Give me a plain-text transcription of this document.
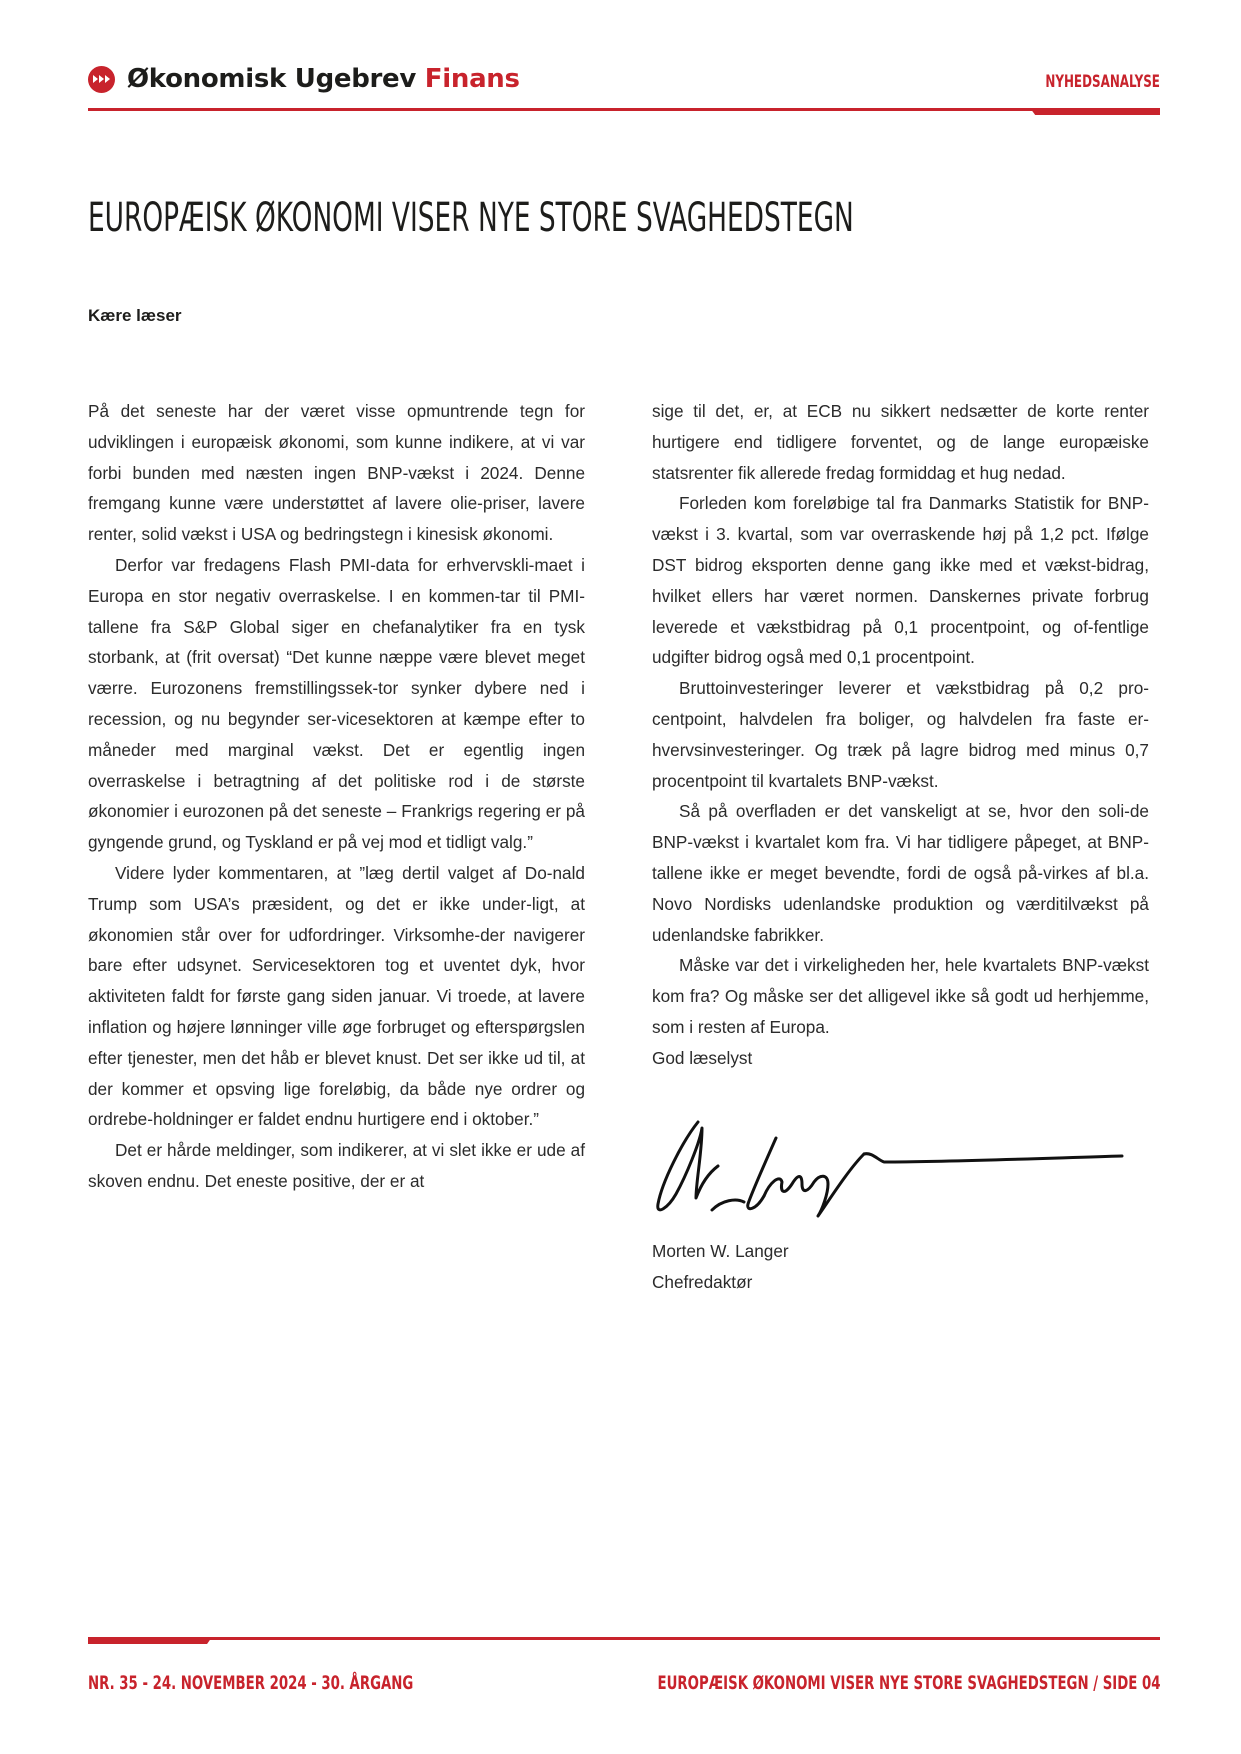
Økonomisk Ugebrev Finans	NYHEDSANALYSE
EUROPÆISK ØKONOMI VISER NYE STORE SVAGHEDSTEGN
Kære læser

På det seneste har der været visse opmuntrende tegn for udviklingen i europæisk økonomi, som kunne indikere, at vi var forbi bunden med næsten ingen BNP-vækst i 2024. Denne fremgang kunne være understøttet af lavere olie-priser, lavere renter, solid vækst i USA og bedringstegn i kinesisk økonomi.

Derfor var fredagens Flash PMI-data for erhvervskli-maet i Europa en stor negativ overraskelse. I en kommen-tar til PMI-tallene fra S&P Global siger en chefanalytiker fra en tysk storbank, at (frit oversat) “Det kunne næppe være blevet meget værre. Eurozonens fremstillingssek-tor synker dybere ned i recession, og nu begynder ser-vicesektoren at kæmpe efter to måneder med marginal vækst. Det er egentlig ingen overraskelse i betragtning af det politiske rod i de største økonomier i eurozonen på det seneste – Frankrigs regering er på gyngende grund, og Tyskland er på vej mod et tidligt valg.”

Videre lyder kommentaren, at ”læg dertil valget af Do-nald Trump som USA’s præsident, og det er ikke under-ligt, at økonomien står over for udfordringer. Virksomhe-der navigerer bare efter udsynet. Servicesektoren tog et uventet dyk, hvor aktiviteten faldt for første gang siden januar. Vi troede, at lavere inflation og højere lønninger ville øge forbruget og efterspørgslen efter tjenester, men det håb er blevet knust. Det ser ikke ud til, at der kommer et opsving lige foreløbig, da både nye ordrer og ordrebe-holdninger er faldet endnu hurtigere end i oktober.”

Det er hårde meldinger, som indikerer, at vi slet ikke er ude af skoven endnu. Det eneste positive, der er at

sige til det, er, at ECB nu sikkert nedsætter de korte renter hurtigere end tidligere forventet, og de lange europæiske statsrenter fik allerede fredag formiddag et hug nedad.

Forleden kom foreløbige tal fra Danmarks Statistik for BNP-vækst i 3. kvartal, som var overraskende høj på 1,2 pct. Ifølge DST bidrog eksporten denne gang ikke med et vækst-bidrag, hvilket ellers har været normen. Danskernes private forbrug leverede et vækstbidrag på 0,1 procentpoint, og of-fentlige udgifter bidrog også med 0,1 procentpoint.

Bruttoinvesteringer leverer et vækstbidrag på 0,2 pro-centpoint, halvdelen fra boliger, og halvdelen fra faste er-hvervsinvesteringer. Og træk på lagre bidrog med minus 0,7 procentpoint til kvartalets BNP-vækst.

Så på overfladen er det vanskeligt at se, hvor den soli-de BNP-vækst i kvartalet kom fra. Vi har tidligere påpeget, at BNP-tallene ikke er meget bevendte, fordi de også på-virkes af bl.a. Novo Nordisks udenlandske produktion og værditilvækst på udenlandske fabrikker.

Måske var det i virkeligheden her, hele kvartalets BNP-vækst kom fra? Og måske ser det alligevel ikke så godt ud herhjemme, som i resten af Europa.

God læselyst

Morten W. Langer
Chefredaktør
NR. 35 - 24. NOVEMBER 2024 - 30. ÅRGANG	EUROPÆISK ØKONOMI VISER NYE STORE SVAGHEDSTEGN / SIDE 04
